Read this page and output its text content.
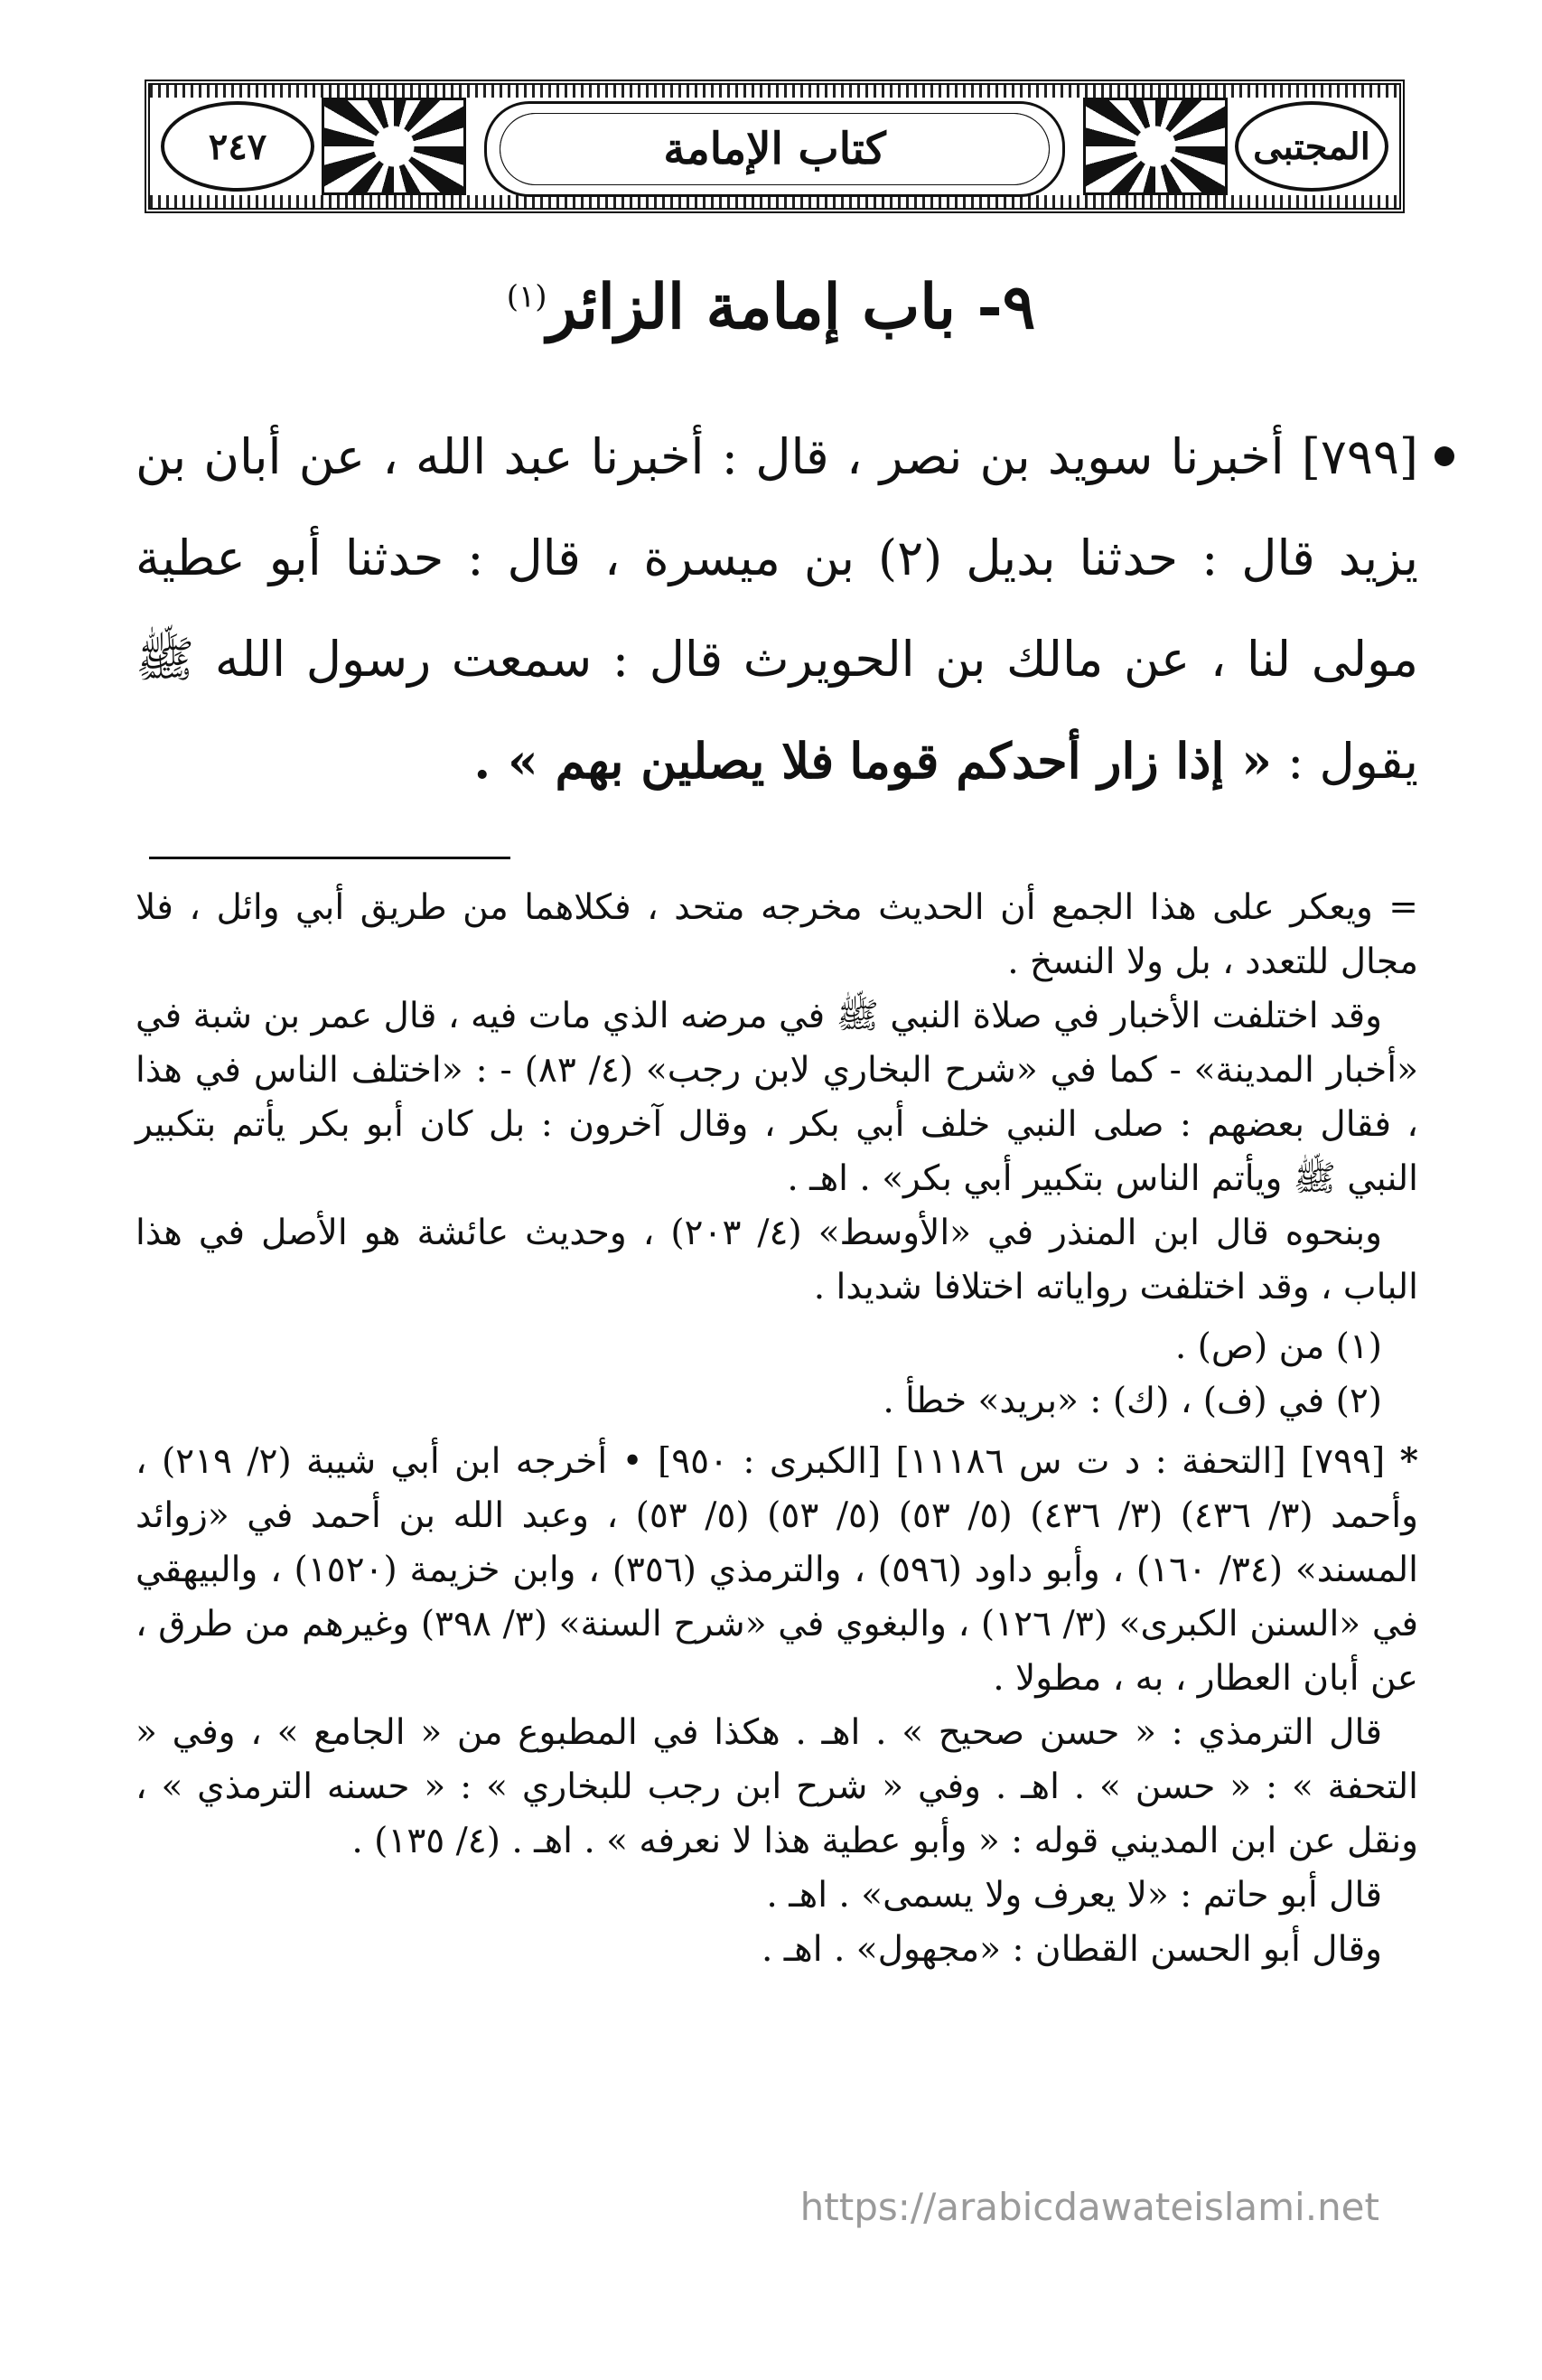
٢٤٧	كتاب الإمامة	المجتبى
٩- باب إمامة الزائر$^{(١)}$
[٧٩٩] أخبرنا سويد بن نصر ، قال : أخبرنا عبد الله ، عن أبان بن يزيد قال : حدثنا بديل (٢) بن ميسرة ، قال : حدثنا أبو عطية مولى لنا ، عن مالك بن الحويرث قال : سمعت رسول الله ﷺ يقول : « إذا زار أحدكم قوما فلا يصلين بهم » .

= ويعكر على هذا الجمع أن الحديث مخرجه متحد ، فكلاهما من طريق أبي وائل ، فلا مجال للتعدد ، بل ولا النسخ .

وقد اختلفت الأخبار في صلاة النبي ﷺ في مرضه الذي مات فيه ، قال عمر بن شبة في «أخبار المدينة» - كما في «شرح البخاري لابن رجب» (٤/ ٨٣) - : «اختلف الناس في هذا ، فقال بعضهم : صلى النبي خلف أبي بكر ، وقال آخرون : بل كان أبو بكر يأتم بتكبير النبي ﷺ ويأتم الناس بتكبير أبي بكر» . اهـ .

وبنحوه قال ابن المنذر في «الأوسط» (٤/ ٢٠٣) ، وحديث عائشة هو الأصل في هذا الباب ، وقد اختلفت رواياته اختلافا شديدا .

(١) من (ص) .

(٢) في (ف) ، (ك) : «بريد» خطأ .

* [٧٩٩] [التحفة : د ت س ١١١٨٦] [الكبرى : ٩٥٠] • أخرجه ابن أبي شيبة (٢/ ٢١٩) ، وأحمد (٣/ ٤٣٦) (٣/ ٤٣٦) (٥/ ٥٣) (٥/ ٥٣) (٥/ ٥٣) ، وعبد الله بن أحمد في «زوائد المسند» (٣٤/ ١٦٠) ، وأبو داود (٥٩٦) ، والترمذي (٣٥٦) ، وابن خزيمة (١٥٢٠) ، والبيهقي في «السنن الكبرى» (٣/ ١٢٦) ، والبغوي في «شرح السنة» (٣/ ٣٩٨) وغيرهم من طرق ، عن أبان العطار ، به ، مطولا .

قال الترمذي : « حسن صحيح » . اهـ . هكذا في المطبوع من « الجامع » ، وفي « التحفة » : « حسن » . اهـ . وفي « شرح ابن رجب للبخاري » : « حسنه الترمذي » ، ونقل عن ابن المديني قوله : « وأبو عطية هذا لا نعرفه » . اهـ . (٤/ ١٣٥) .

قال أبو حاتم : «لا يعرف ولا يسمى» . اهـ .

وقال أبو الحسن القطان : «مجهول» . اهـ .

https://arabicdawateislami.net
